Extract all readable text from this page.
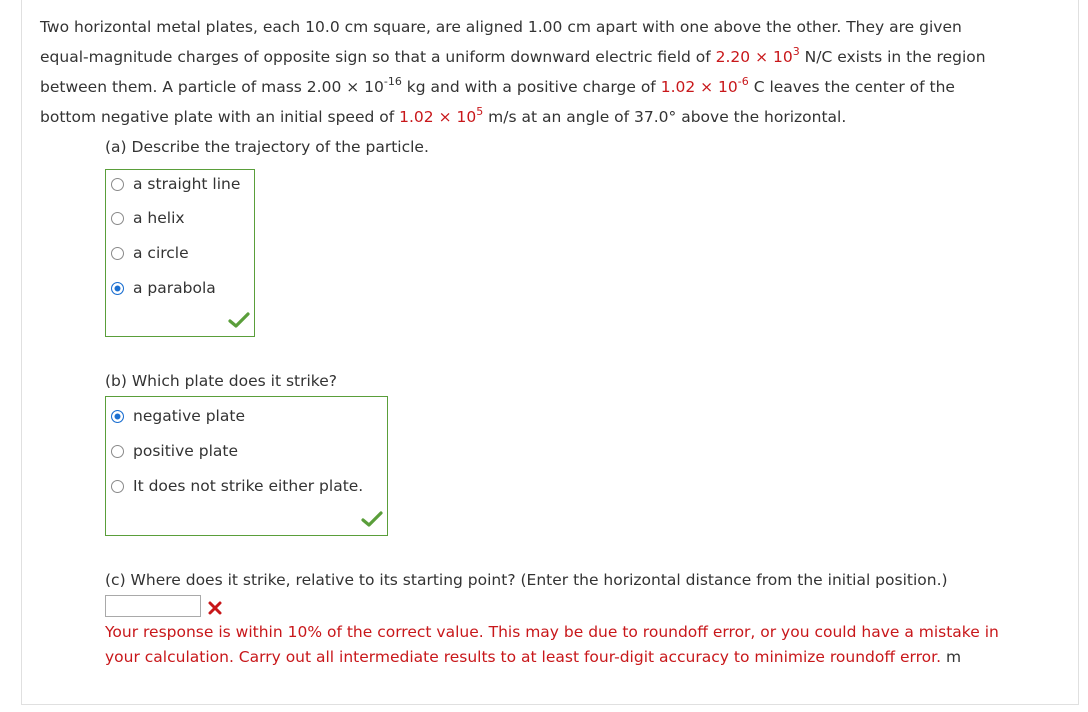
Two horizontal metal plates, each 10.0 cm square, are aligned 1.00 cm apart with one above the other. They are given
equal-magnitude charges of opposite sign so that a uniform downward electric field of $2.20 \times 10^3$ N/C exists in the region
between them. A particle of mass $2.00 \times 10^{-16}$ kg and with a positive charge of $1.02 \times 10^{-6}$ C leaves the center of the
bottom negative plate with an initial speed of $1.02 \times 10^5$ m/s at an angle of 37.0° above the horizontal.
(a) Describe the trajectory of the particle.
a straight line
a helix
a circle
a parabola
(b) Which plate does it strike?
negative plate
positive plate
It does not strike either plate.
(c) Where does it strike, relative to its starting point? (Enter the horizontal distance from the initial position.)
Your response is within 10% of the correct value. This may be due to roundoff error, or you could have a mistake in
your calculation. Carry out all intermediate results to at least four-digit accuracy to minimize roundoff error. m
